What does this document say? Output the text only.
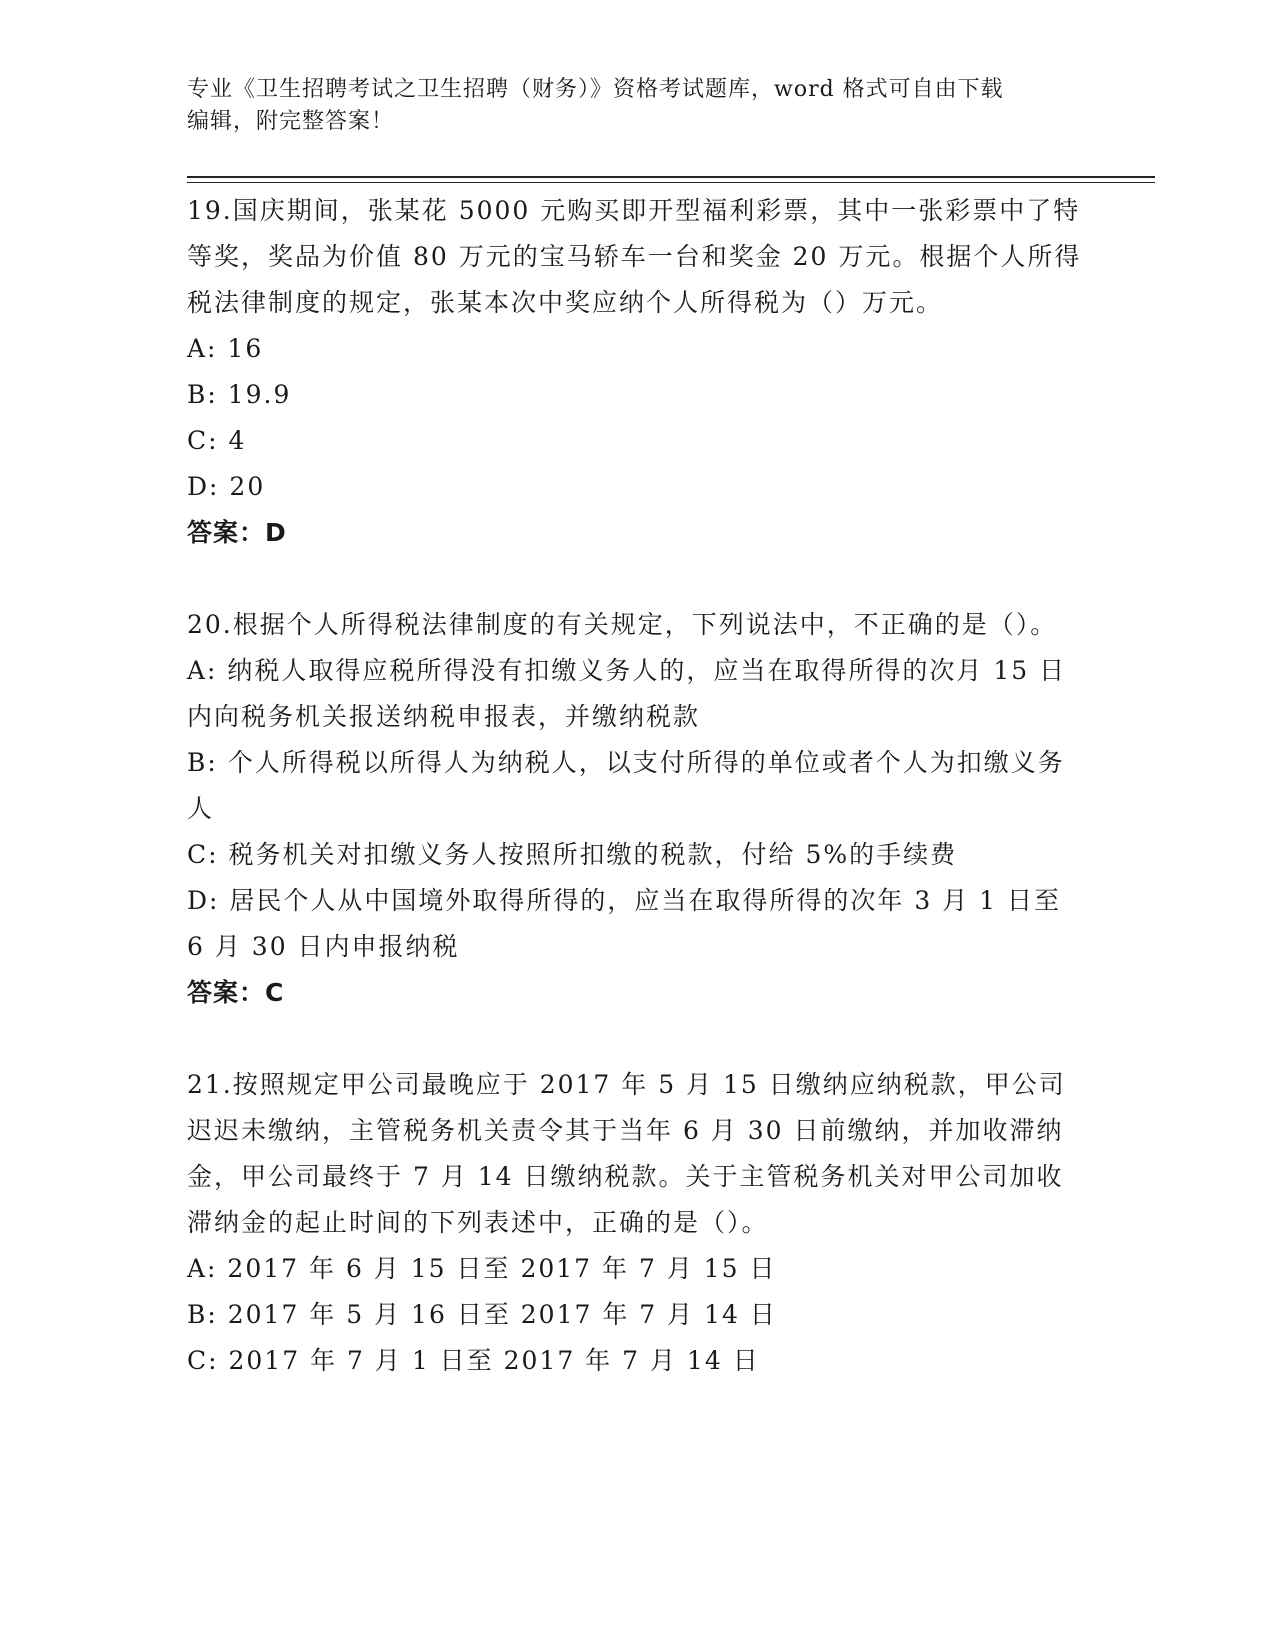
专业《卫生招聘考试之卫生招聘（财务）》资格考试题库，word 格式可自由下载
编辑，附完整答案！

19.国庆期间，张某花 5000 元购买即开型福利彩票，其中一张彩票中了特等奖，奖品为价值 80 万元的宝马轿车一台和奖金 20 万元。根据个人所得税法律制度的规定，张某本次中奖应纳个人所得税为（）万元。

A: 16

B: 19.9

C: 4

D: 20

答案：D

20.根据个人所得税法律制度的有关规定，下列说法中，不正确的是（）。

A: 纳税人取得应税所得没有扣缴义务人的，应当在取得所得的次月 15 日内向税务机关报送纳税申报表，并缴纳税款

B: 个人所得税以所得人为纳税人，以支付所得的单位或者个人为扣缴义务人

C: 税务机关对扣缴义务人按照所扣缴的税款，付给 5%的手续费

D: 居民个人从中国境外取得所得的，应当在取得所得的次年 3 月 1 日至 6 月 30 日内申报纳税

答案：C

21.按照规定甲公司最晚应于 2017 年 5 月 15 日缴纳应纳税款，甲公司迟迟未缴纳，主管税务机关责令其于当年 6 月 30 日前缴纳，并加收滞纳金，甲公司最终于 7 月 14 日缴纳税款。关于主管税务机关对甲公司加收滞纳金的起止时间的下列表述中，正确的是（）。

A: 2017 年 6 月 15 日至 2017 年 7 月 15 日

B: 2017 年 5 月 16 日至 2017 年 7 月 14 日

C: 2017 年 7 月 1 日至 2017 年 7 月 14 日
